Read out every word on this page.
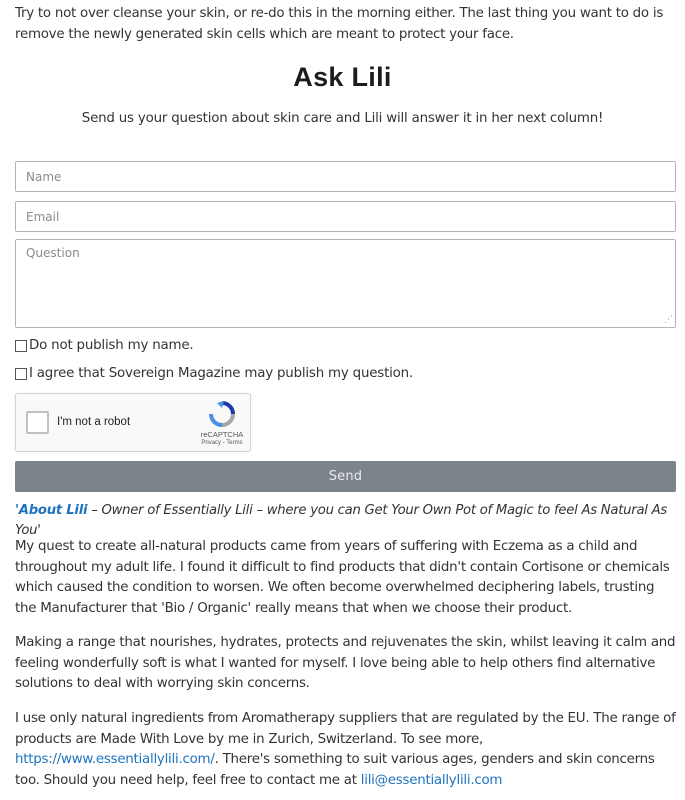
Try to not over cleanse your skin, or re-do this in the morning either. The last thing you want to do is remove the newly generated skin cells which are meant to protect your face.

Ask Lili

Send us your question about skin care and Lili will answer it in her next column!

Name
Email
Question
⋰
Do not publish my name.
I agree that Sovereign Magazine may publish my question.
I'm not a robot
reCAPTCHA
Privacy - Terms
Send

'About Lili – Owner of Essentially Lili – where you can Get Your Own Pot of Magic to feel As Natural As You'

My quest to create all-natural products came from years of suffering with Eczema as a child and throughout my adult life. I found it difficult to find products that didn't contain Cortisone or chemicals which caused the condition to worsen. We often become overwhelmed deciphering labels, trusting the Manufacturer that 'Bio / Organic' really means that when we choose their product.

Making a range that nourishes, hydrates, protects and rejuvenates the skin, whilst leaving it calm and feeling wonderfully soft is what I wanted for myself. I love being able to help others find alternative solutions to deal with worrying skin concerns.

I use only natural ingredients from Aromatherapy suppliers that are regulated by the EU. The range of products are Made With Love by me in Zurich, Switzerland. To see more, https://www.essentiallylili.com/. There's something to suit various ages, genders and skin concerns too. Should you need help, feel free to contact me at lili@essentiallylili.com
